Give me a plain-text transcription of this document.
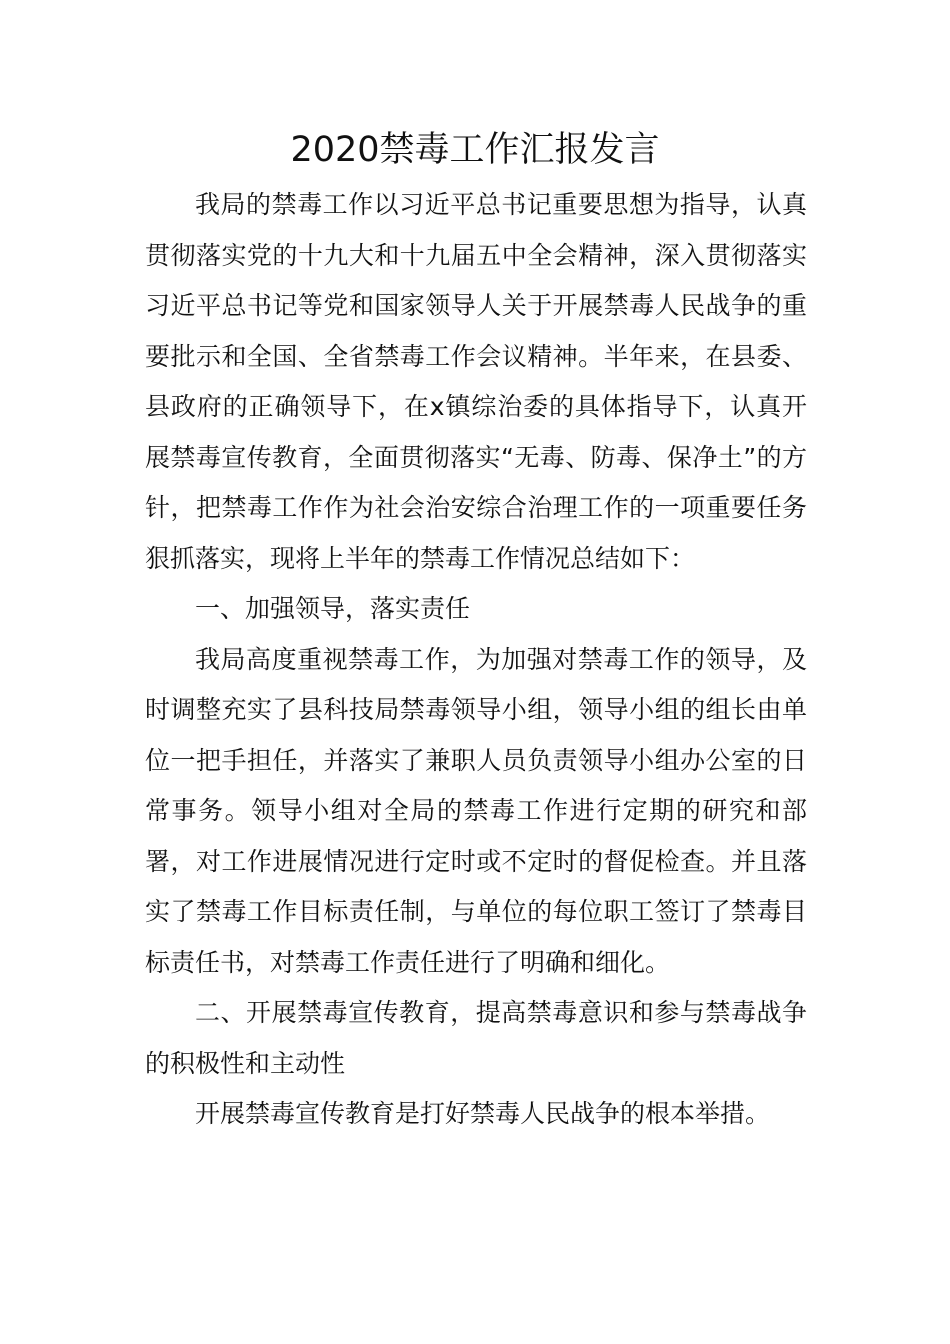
2020禁毒工作汇报发言

我局的禁毒工作以习近平总书记重要思想为指导，认真贯彻落实党的十九大和十九届五中全会精神，深入贯彻落实习近平总书记等党和国家领导人关于开展禁毒人民战争的重要批示和全国、全省禁毒工作会议精神。半年来，在县委、县政府的正确领导下，在x镇综治委的具体指导下，认真开展禁毒宣传教育，全面贯彻落实“无毒、防毒、保净土”的方针，把禁毒工作作为社会治安综合治理工作的一项重要任务狠抓落实，现将上半年的禁毒工作情况总结如下：

一、加强领导，落实责任

我局高度重视禁毒工作，为加强对禁毒工作的领导，及时调整充实了县科技局禁毒领导小组，领导小组的组长由单位一把手担任，并落实了兼职人员负责领导小组办公室的日常事务。领导小组对全局的禁毒工作进行定期的研究和部署，对工作进展情况进行定时或不定时的督促检查。并且落实了禁毒工作目标责任制，与单位的每位职工签订了禁毒目标责任书，对禁毒工作责任进行了明确和细化。

二、开展禁毒宣传教育，提高禁毒意识和参与禁毒战争的积极性和主动性

开展禁毒宣传教育是打好禁毒人民战争的根本举措。
